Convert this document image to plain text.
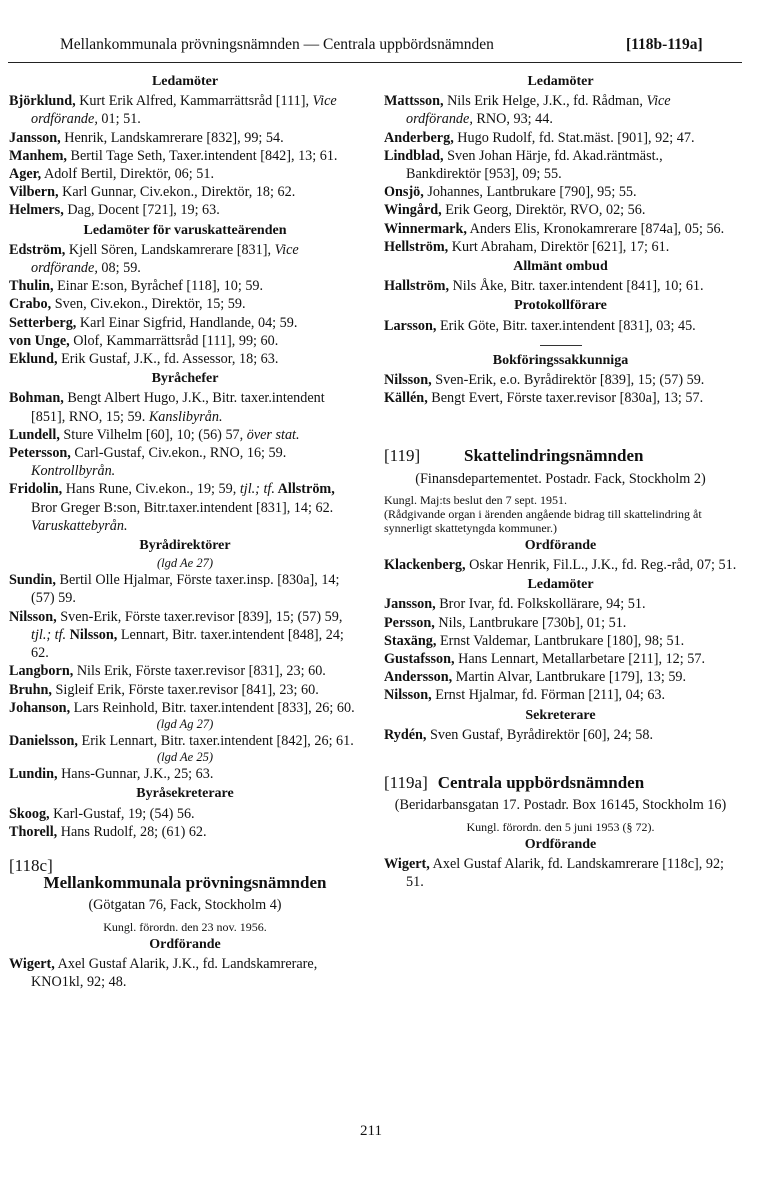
Mellankommunala prövningsnämnden — Centrala uppbördsnämnden	[118b-119a]
Ledamöter
Björklund, Kurt Erik Alfred, Kammarrättsråd [111], Vice ordförande, 01; 51.
Jansson, Henrik, Landskamrerare [832], 99; 54.
Manhem, Bertil Tage Seth, Taxer.intendent [842], 13; 61.
Ager, Adolf Bertil, Direktör, 06; 51.
Vilbern, Karl Gunnar, Civ.ekon., Direktör, 18; 62.
Helmers, Dag, Docent [721], 19; 63.
Ledamöter för varuskatteärenden
Edström, Kjell Sören, Landskamrerare [831], Vice ordförande, 08; 59.
Thulin, Einar E:son, Byråchef [118], 10; 59.
Crabo, Sven, Civ.ekon., Direktör, 15; 59.
Setterberg, Karl Einar Sigfrid, Handlande, 04; 59.
von Unge, Olof, Kammarrättsråd [111], 99; 60.
Eklund, Erik Gustaf, J.K., fd. Assessor, 18; 63.
Byråchefer
Bohman, Bengt Albert Hugo, J.K., Bitr. taxer.intendent [851], RNO, 15; 59. Kanslibyrån.
Lundell, Sture Vilhelm [60], 10; (56) 57, över stat.
Petersson, Carl-Gustaf, Civ.ekon., RNO, 16; 59. Kontrollbyrån.
Fridolin, Hans Rune, Civ.ekon., 19; 59, tjl.; tf. Allström, Bror Greger B:son, Bitr.taxer.intendent [831], 14; 62. Varuskattebyrån.
Byrådirektörer
(lgd Ae 27)
Sundin, Bertil Olle Hjalmar, Förste taxer.insp. [830a], 14; (57) 59.
Nilsson, Sven-Erik, Förste taxer.revisor [839], 15; (57) 59, tjl.; tf. Nilsson, Lennart, Bitr. taxer.intendent [848], 24; 62.
Langborn, Nils Erik, Förste taxer.revisor [831], 23; 60.
Bruhn, Sigleif Erik, Förste taxer.revisor [841], 23; 60.
Johanson, Lars Reinhold, Bitr. taxer.intendent [833], 26; 60.
(lgd Ag 27)
Danielsson, Erik Lennart, Bitr. taxer.intendent [842], 26; 61.
(lgd Ae 25)
Lundin, Hans-Gunnar, J.K., 25; 63.
Byråsekreterare
Skoog, Karl-Gustaf, 19; (54) 56.
Thorell, Hans Rudolf, 28; (61) 62.
[118c]
Mellankommunala prövningsnämnden
(Götgatan 76, Fack, Stockholm 4)
Kungl. förordn. den 23 nov. 1956.
Ordförande
Wigert, Axel Gustaf Alarik, J.K., fd. Landskamrerare, KNO1kl, 92; 48.
Ledamöter
Mattsson, Nils Erik Helge, J.K., fd. Rådman, Vice ordförande, RNO, 93; 44.
Anderberg, Hugo Rudolf, fd. Stat.mäst. [901], 92; 47.
Lindblad, Sven Johan Härje, fd. Akad.räntmäst., Bankdirektör [953], 09; 55.
Onsjö, Johannes, Lantbrukare [790], 95; 55.
Wingård, Erik Georg, Direktör, RVO, 02; 56.
Winnermark, Anders Elis, Kronokamrerare [874a], 05; 56.
Hellström, Kurt Abraham, Direktör [621], 17; 61.
Allmänt ombud
Hallström, Nils Åke, Bitr. taxer.intendent [841], 10; 61.
Protokollförare
Larsson, Erik Göte, Bitr. taxer.intendent [831], 03; 45.
Bokföringssakkunniga
Nilsson, Sven-Erik, e.o. Byrådirektör [839], 15; (57) 59.
Källén, Bengt Evert, Förste taxer.revisor [830a], 13; 57.
[119]	Skattelindringsnämnden
(Finansdepartementet. Postadr. Fack, Stockholm 2)
Kungl. Maj:ts beslut den 7 sept. 1951.
(Rådgivande organ i ärenden angående bidrag till skattelindring åt synnerligt skattetyngda kommuner.)
Ordförande
Klackenberg, Oskar Henrik, Fil.L., J.K., fd. Reg.-råd, 07; 51.
Ledamöter
Jansson, Bror Ivar, fd. Folkskollärare, 94; 51.
Persson, Nils, Lantbrukare [730b], 01; 51.
Staxäng, Ernst Valdemar, Lantbrukare [180], 98; 51.
Gustafsson, Hans Lennart, Metallarbetare [211], 12; 57.
Andersson, Martin Alvar, Lantbrukare [179], 13; 59.
Nilsson, Ernst Hjalmar, fd. Förman [211], 04; 63.
Sekreterare
Rydén, Sven Gustaf, Byrådirektör [60], 24; 58.
[119a] Centrala uppbördsnämnden
(Beridarbansgatan 17. Postadr. Box 16145, Stockholm 16)
Kungl. förordn. den 5 juni 1953 (§ 72).
Ordförande
Wigert, Axel Gustaf Alarik, fd. Landskamrerare [118c], 92; 51.
211
